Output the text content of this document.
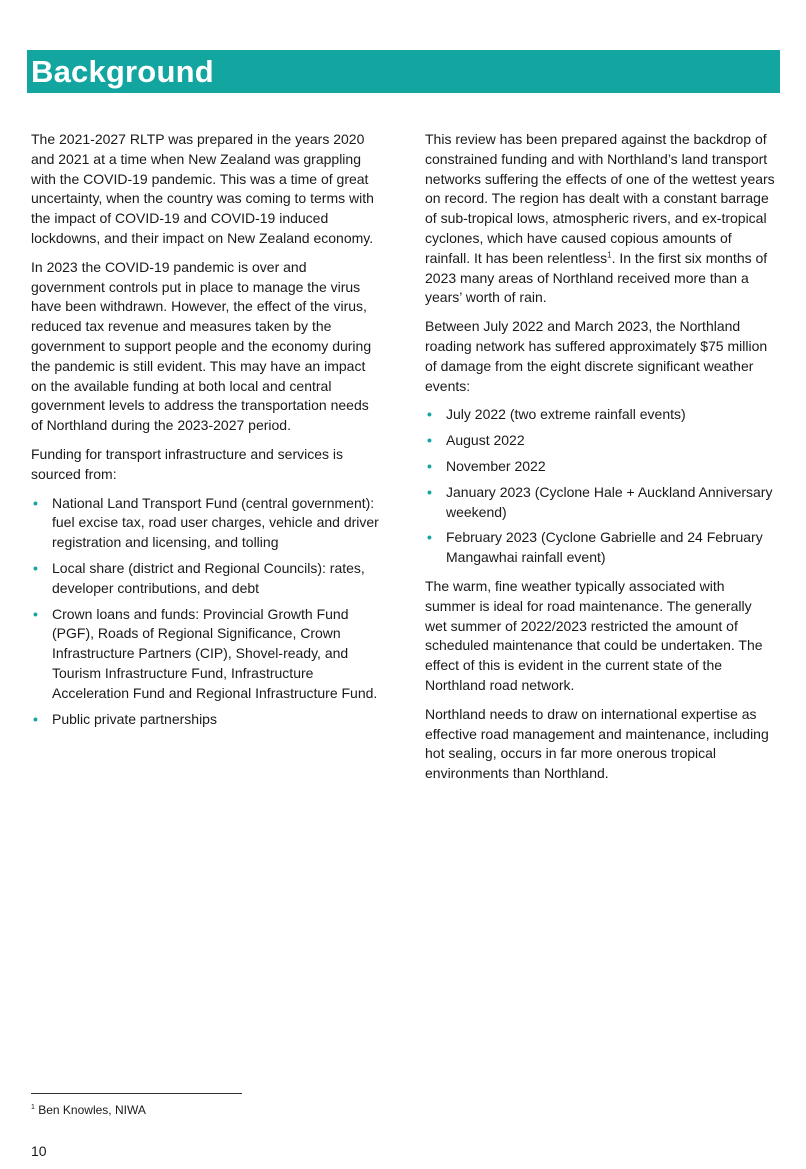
Background

The 2021-2027 RLTP was prepared in the years 2020 and 2021 at a time when New Zealand was grappling with the COVID-19 pandemic. This was a time of great uncertainty, when the country was coming to terms with the impact of COVID-19 and COVID-19 induced lockdowns, and their impact on New Zealand economy.

In 2023 the COVID-19 pandemic is over and government controls put in place to manage the virus have been withdrawn. However, the effect of the virus, reduced tax revenue and measures taken by the government to support people and the economy during the pandemic is still evident. This may have an impact on the available funding at both local and central government levels to address the transportation needs of Northland during the 2023-2027 period.

Funding for transport infrastructure and services is sourced from:

• National Land Transport Fund (central government): fuel excise tax, road user charges, vehicle and driver registration and licensing, and tolling
• Local share (district and Regional Councils): rates, developer contributions, and debt
• Crown loans and funds: Provincial Growth Fund (PGF), Roads of Regional Significance, Crown Infrastructure Partners (CIP), Shovel-ready, and Tourism Infrastructure Fund, Infrastructure Acceleration Fund and Regional Infrastructure Fund.
• Public private partnerships

This review has been prepared against the backdrop of constrained funding and with Northland’s land transport networks suffering the effects of one of the wettest years on record. The region has dealt with a constant barrage of sub-tropical lows, atmospheric rivers, and ex-tropical cyclones, which have caused copious amounts of rainfall. It has been relentless$^1$. In the first six months of 2023 many areas of Northland received more than a years’ worth of rain.

Between July 2022 and March 2023, the Northland roading network has suffered approximately $75 million of damage from the eight discrete significant weather events:

• July 2022 (two extreme rainfall events)
• August 2022
• November 2022
• January 2023 (Cyclone Hale + Auckland Anniversary weekend)
• February 2023 (Cyclone Gabrielle and 24 February Mangawhai rainfall event)

The warm, fine weather typically associated with summer is ideal for road maintenance. The generally wet summer of 2022/2023 restricted the amount of scheduled maintenance that could be undertaken. The effect of this is evident in the current state of the Northland road network.

Northland needs to draw on international expertise as effective road management and maintenance, including hot sealing, occurs in far more onerous tropical environments than Northland.

$^1$ Ben Knowles, NIWA
10
